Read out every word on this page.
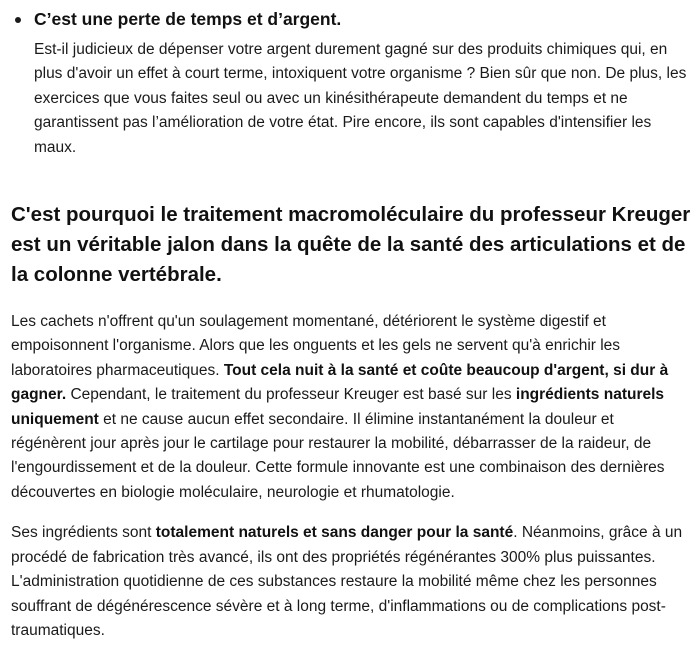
C’est une perte de temps et d’argent.

Est-il judicieux de dépenser votre argent durement gagné sur des produits chimiques qui, en plus d'avoir un effet à court terme, intoxiquent votre organisme ? Bien sûr que non. De plus, les exercices que vous faites seul ou avec un kinésithérapeute demandent du temps et ne garantissent pas l’amélioration de votre état. Pire encore, ils sont capables d'intensifier les maux.

C'est pourquoi le traitement macromoléculaire du professeur Kreuger est un véritable jalon dans la quête de la santé des articulations et de la colonne vertébrale.

Les cachets n'offrent qu'un soulagement momentané, détériorent le système digestif et empoisonnent l'organisme. Alors que les onguents et les gels ne servent qu'à enrichir les laboratoires pharmaceutiques. Tout cela nuit à la santé et coûte beaucoup d'argent, si dur à gagner. Cependant, le traitement du professeur Kreuger est basé sur les ingrédients naturels uniquement et ne cause aucun effet secondaire. Il élimine instantanément la douleur et régénèrent jour après jour le cartilage pour restaurer la mobilité, débarrasser de la raideur, de l'engourdissement et de la douleur. Cette formule innovante est une combinaison des dernières découvertes en biologie moléculaire, neurologie et rhumatologie.

Ses ingrédients sont totalement naturels et sans danger pour la santé. Néanmoins, grâce à un procédé de fabrication très avancé, ils ont des propriétés régénérantes 300% plus puissantes. L'administration quotidienne de ces substances restaure la mobilité même chez les personnes souffrant de dégénérescence sévère et à long terme, d'inflammations ou de complications post-traumatiques.
